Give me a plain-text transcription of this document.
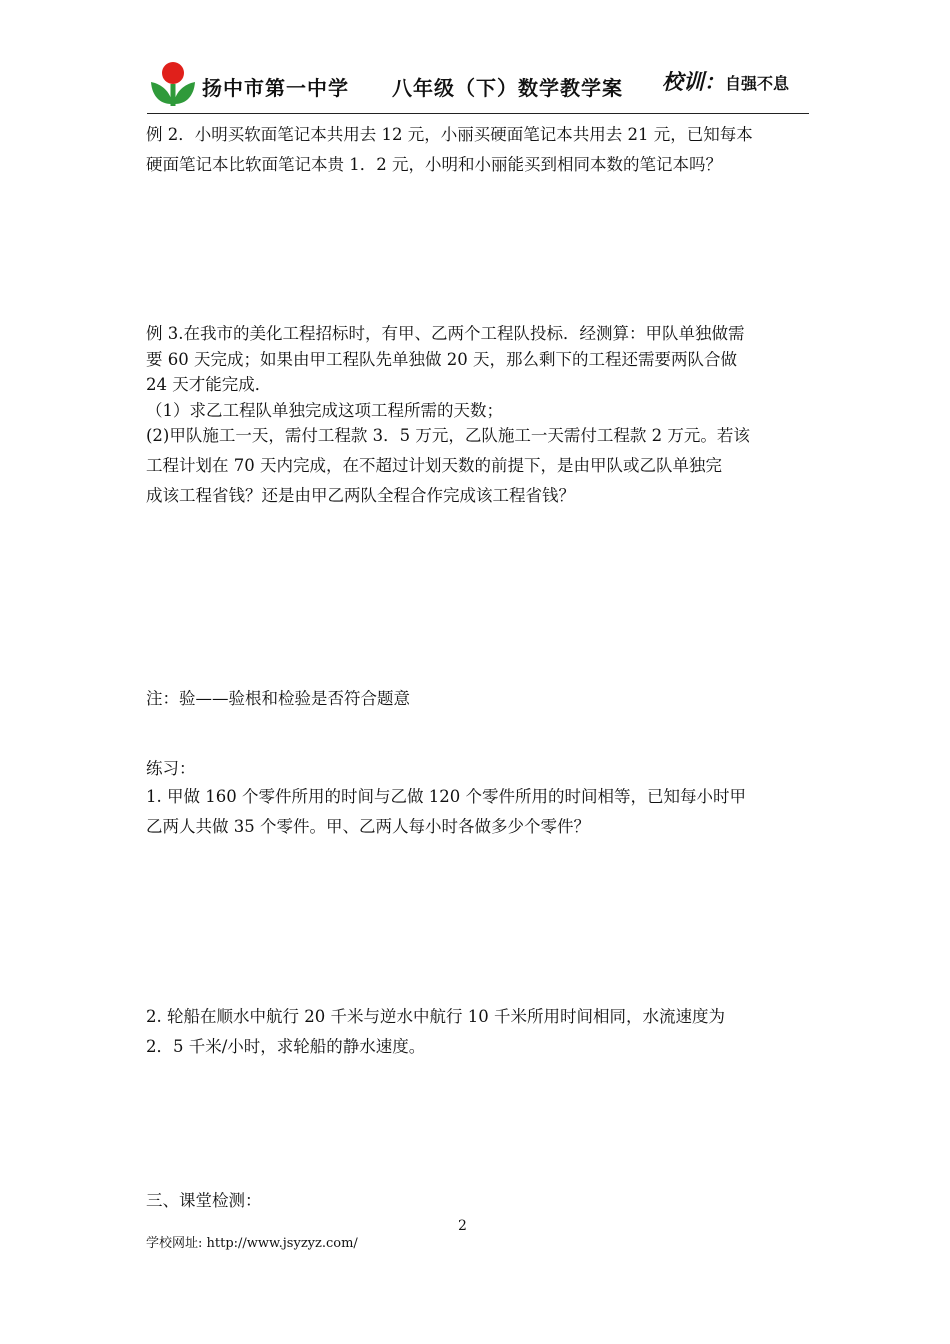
扬中市第一中学 八年级（下）数学教学案 校训：自强不息

例 2．小明买软面笔记本共用去 12 元，小丽买硬面笔记本共用去 21 元，已知每本

硬面笔记本比软面笔记本贵 1．2 元，小明和小丽能买到相同本数的笔记本吗？

例 3.在我市的美化工程招标时，有甲、乙两个工程队投标．经测算：甲队单独做需

要 60 天完成；如果由甲工程队先单独做 20 天，那么剩下的工程还需要两队合做

24 天才能完成．

（1）求乙工程队单独完成这项工程所需的天数；

(2)甲队施工一天，需付工程款 3．5 万元，乙队施工一天需付工程款 2 万元。若该

工程计划在 70 天内完成，在不超过计划天数的前提下，是由甲队或乙队单独完

成该工程省钱？还是由甲乙两队全程合作完成该工程省钱？

注：验——验根和检验是否符合题意

练习：

1. 甲做 160 个零件所用的时间与乙做 120 个零件所用的时间相等，已知每小时甲

乙两人共做 35 个零件。甲、乙两人每小时各做多少个零件？

2. 轮船在顺水中航行 20 千米与逆水中航行 10 千米所用时间相同，水流速度为

2．5 千米/小时，求轮船的静水速度。

三、课堂检测：

2
学校网址: http://www.jsyzyz.com/
